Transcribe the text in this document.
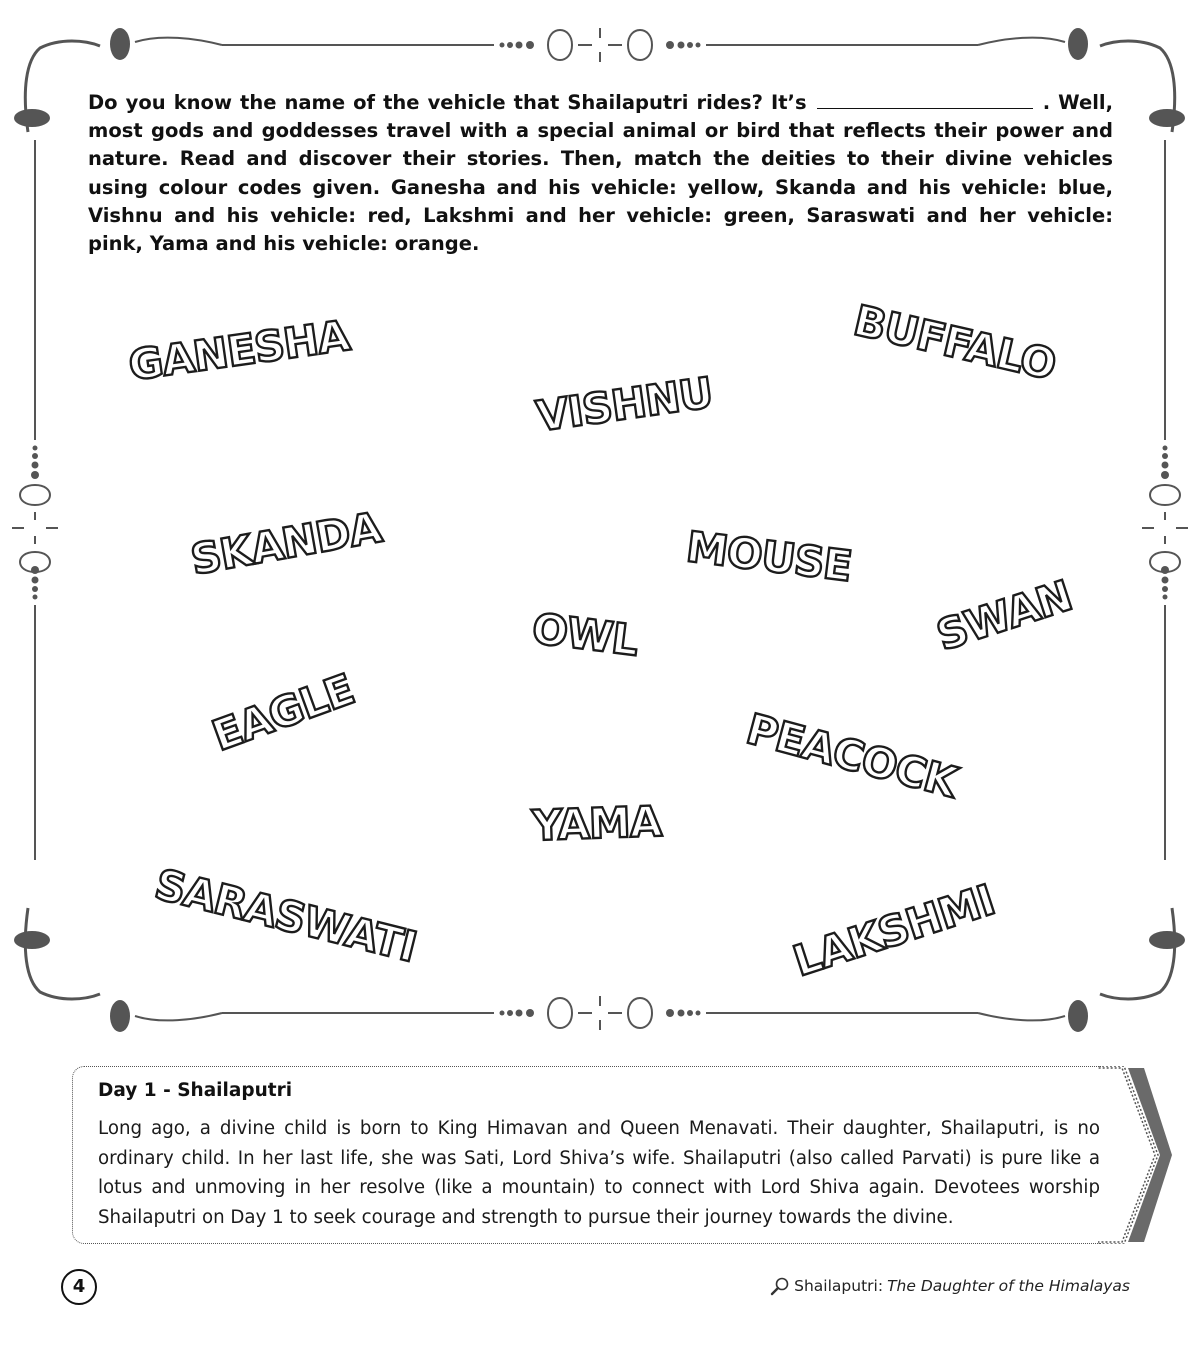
Do you know the name of the vehicle that Shailaputri rides? It’s	. Well, most gods and goddesses travel with a special animal or bird that reflects their power and nature. Read and discover their stories. Then, match the deities to their divine vehicles using colour codes given. Ganesha and his vehicle: yellow, Skanda and his vehicle: blue, Vishnu and his vehicle: red, Lakshmi and her vehicle: green, Saraswati and her vehicle: pink, Yama and his vehicle: orange.

GANESHA	BUFFALO
VISHNU
SKANDA	MOUSE
OWL	SWAN
EAGLE	PEACOCK
YAMA
SARASWATI	LAKSHMI
Day 1 - Shailaputri

Long ago, a divine child is born to King Himavan and Queen Menavati. Their daughter, Shailaputri, is no ordinary child. In her last life, she was Sati, Lord Shiva’s wife. Shailaputri (also called Parvati) is pure like a lotus and unmoving in her resolve (like a mountain) to connect with Lord Shiva again. Devotees worship Shailaputri on Day 1 to seek courage and strength to pursue their journey towards the divine.

4	Shailaputri: The Daughter of the Himalayas
